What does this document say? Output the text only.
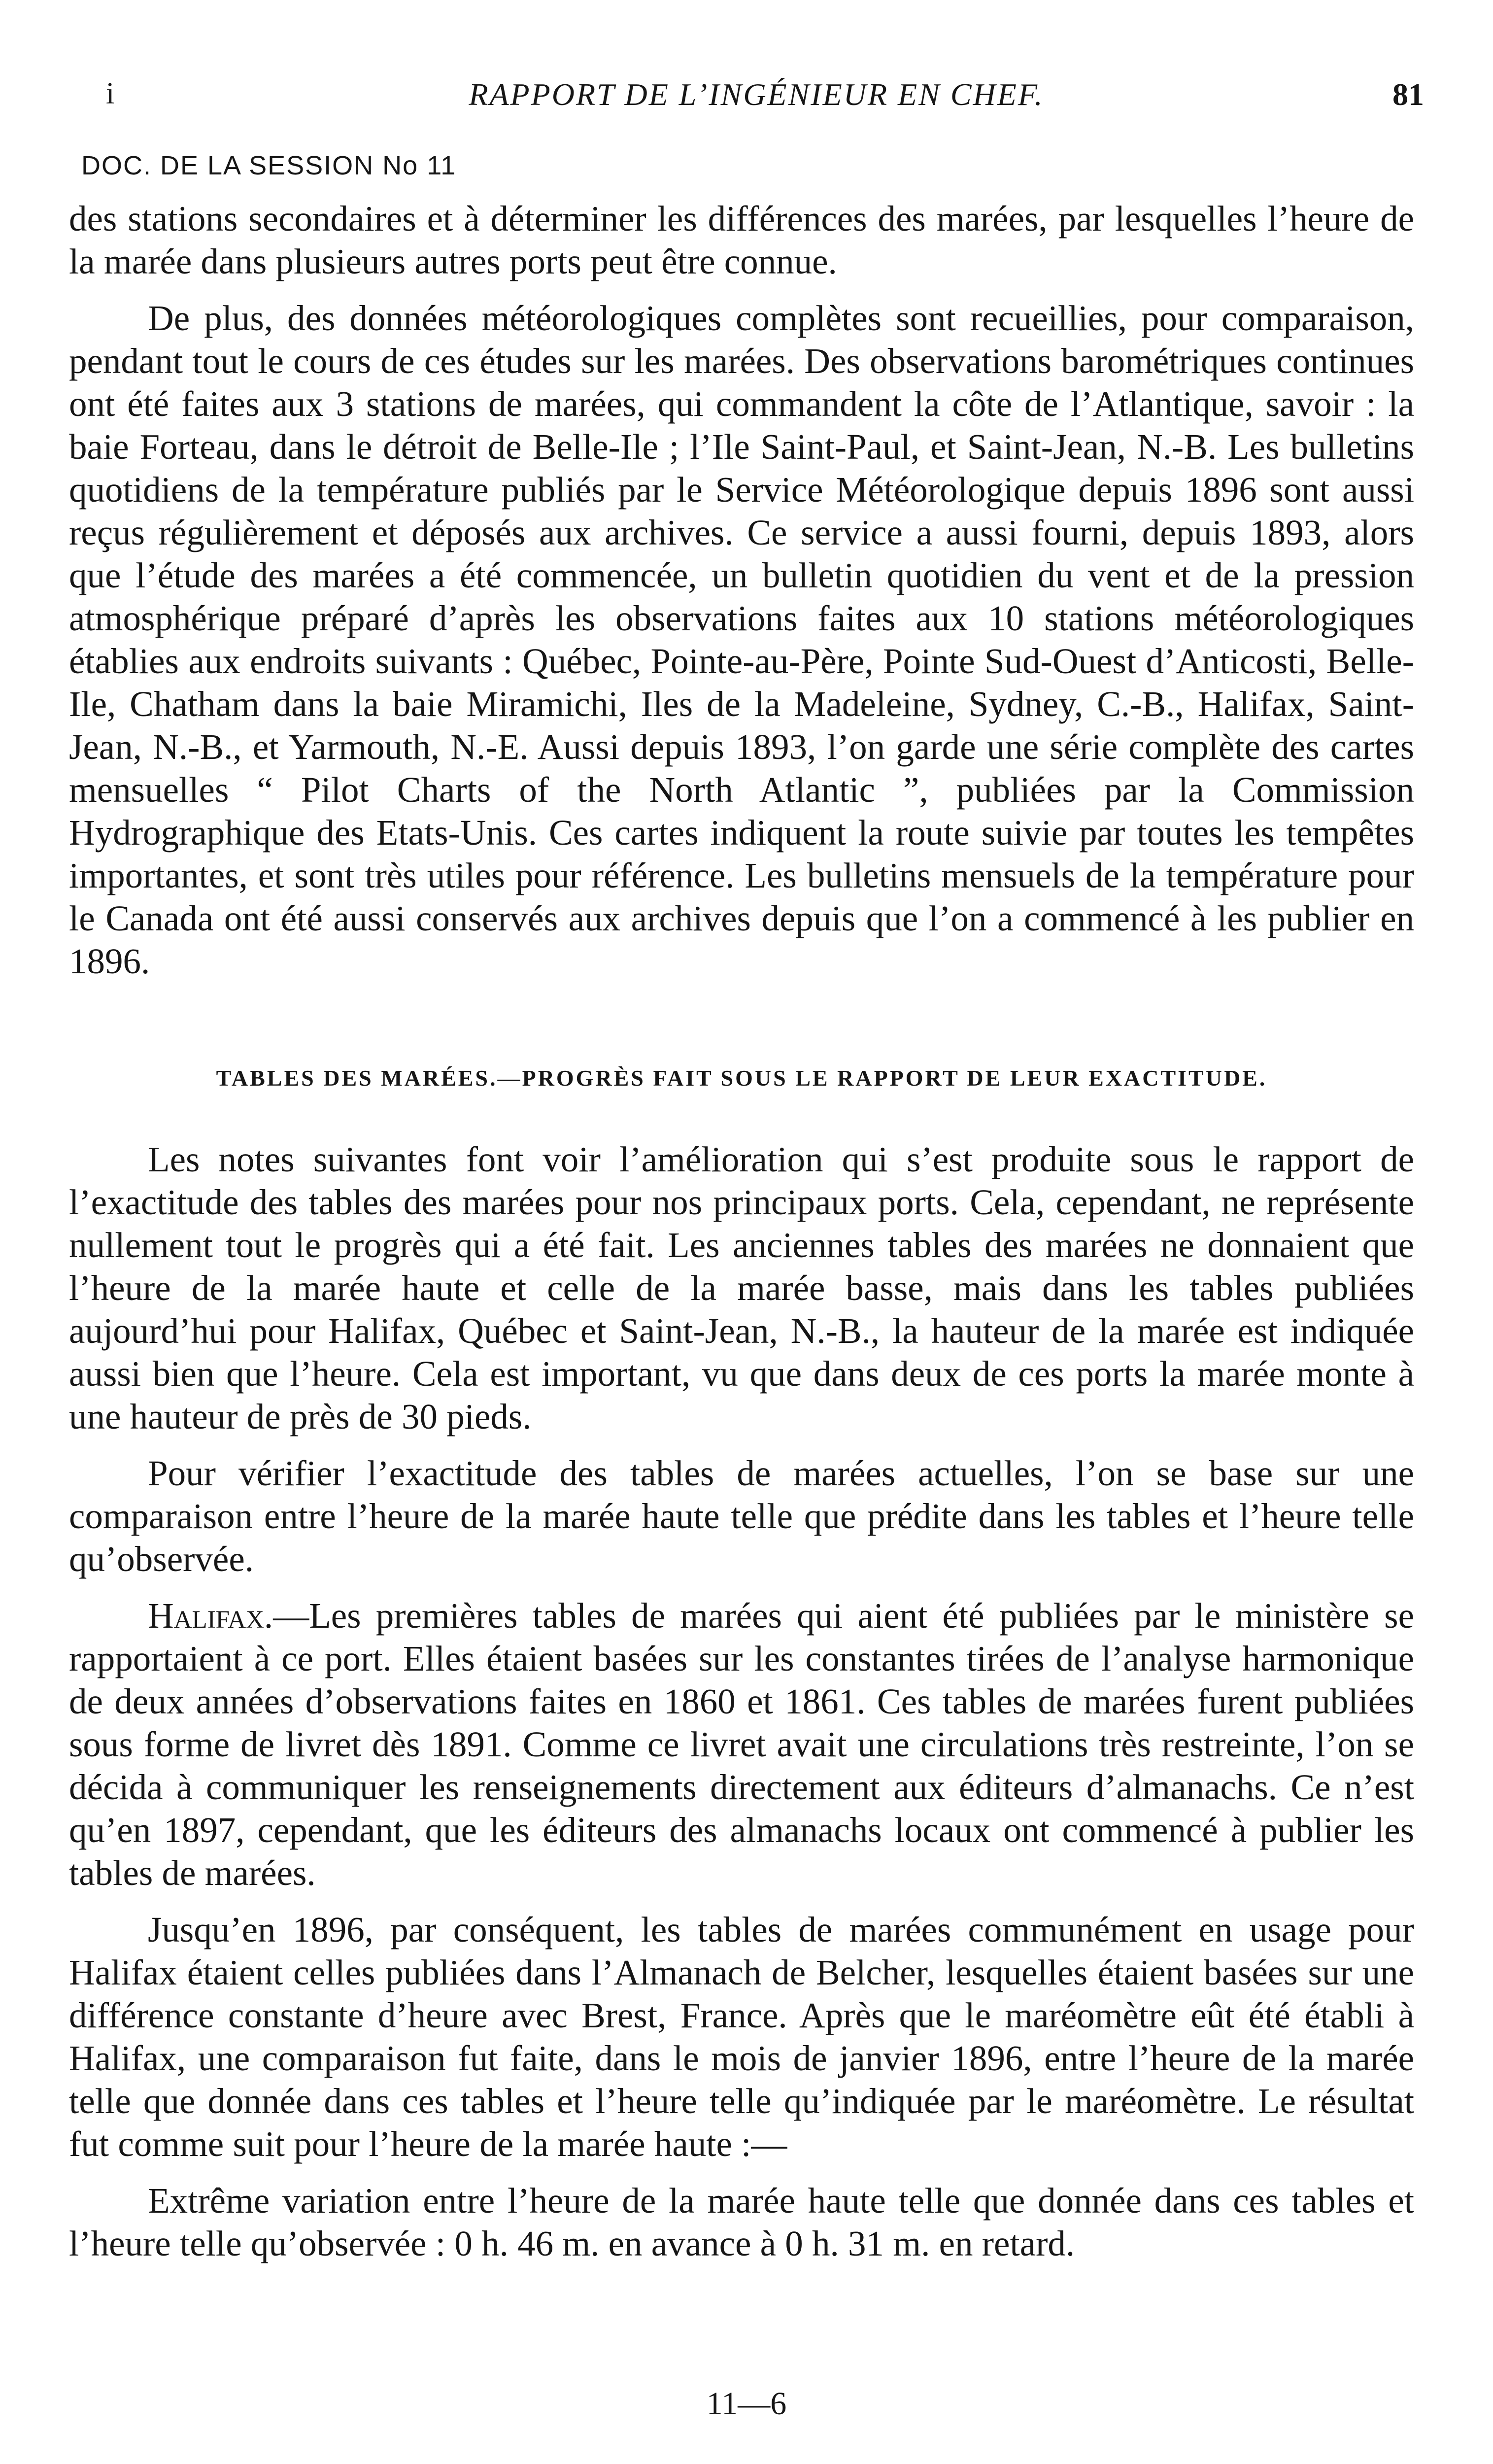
i	RAPPORT DE L’INGÉNIEUR EN CHEF.	81
DOC. DE LA SESSION No 11

des stations secondaires et à déterminer les différences des marées, par lesquelles l’heure de la marée dans plusieurs autres ports peut être connue.

De plus, des données météorologiques complètes sont recueillies, pour comparaison, pendant tout le cours de ces études sur les marées. Des observations barométriques continues ont été faites aux 3 stations de marées, qui commandent la côte de l’Atlantique, savoir : la baie Forteau, dans le détroit de Belle-Ile ; l’Ile Saint-Paul, et Saint-Jean, N.-B. Les bulletins quotidiens de la température publiés par le Service Météorologique depuis 1896 sont aussi reçus régulièrement et déposés aux archives. Ce service a aussi fourni, depuis 1893, alors que l’étude des marées a été commencée, un bulletin quotidien du vent et de la pression atmosphérique préparé d’après les observations faites aux 10 stations météorologiques établies aux endroits suivants : Québec, Pointe-au-Père, Pointe Sud-Ouest d’Anticosti, Belle-Ile, Chatham dans la baie Miramichi, Iles de la Madeleine, Sydney, C.-B., Halifax, Saint-Jean, N.-B., et Yarmouth, N.-E. Aussi depuis 1893, l’on garde une série complète des cartes mensuelles “ Pilot Charts of the North Atlantic ”, publiées par la Commission Hydrographique des Etats-Unis. Ces cartes indiquent la route suivie par toutes les tempêtes importantes, et sont très utiles pour référence. Les bulletins mensuels de la température pour le Canada ont été aussi conservés aux archives depuis que l’on a commencé à les publier en 1896.

TABLES DES MARÉES.—PROGRÈS FAIT SOUS LE RAPPORT DE LEUR EXACTITUDE.

Les notes suivantes font voir l’amélioration qui s’est produite sous le rapport de l’exactitude des tables des marées pour nos principaux ports. Cela, cependant, ne représente nullement tout le progrès qui a été fait. Les anciennes tables des marées ne donnaient que l’heure de la marée haute et celle de la marée basse, mais dans les tables publiées aujourd’hui pour Halifax, Québec et Saint-Jean, N.-B., la hauteur de la marée est indiquée aussi bien que l’heure. Cela est important, vu que dans deux de ces ports la marée monte à une hauteur de près de 30 pieds.

Pour vérifier l’exactitude des tables de marées actuelles, l’on se base sur une comparaison entre l’heure de la marée haute telle que prédite dans les tables et l’heure telle qu’observée.

Halifax.—Les premières tables de marées qui aient été publiées par le ministère se rapportaient à ce port. Elles étaient basées sur les constantes tirées de l’analyse harmonique de deux années d’observations faites en 1860 et 1861. Ces tables de marées furent publiées sous forme de livret dès 1891. Comme ce livret avait une circulations très restreinte, l’on se décida à communiquer les renseignements directement aux éditeurs d’almanachs. Ce n’est qu’en 1897, cependant, que les éditeurs des almanachs locaux ont commencé à publier les tables de marées.

Jusqu’en 1896, par conséquent, les tables de marées communément en usage pour Halifax étaient celles publiées dans l’Almanach de Belcher, lesquelles étaient basées sur une différence constante d’heure avec Brest, France. Après que le maréomètre eût été établi à Halifax, une comparaison fut faite, dans le mois de janvier 1896, entre l’heure de la marée telle que donnée dans ces tables et l’heure telle qu’indiquée par le maréomètre. Le résultat fut comme suit pour l’heure de la marée haute :—

Extrême variation entre l’heure de la marée haute telle que donnée dans ces tables et l’heure telle qu’observée : 0 h. 46 m. en avance à 0 h. 31 m. en retard.

11—6
